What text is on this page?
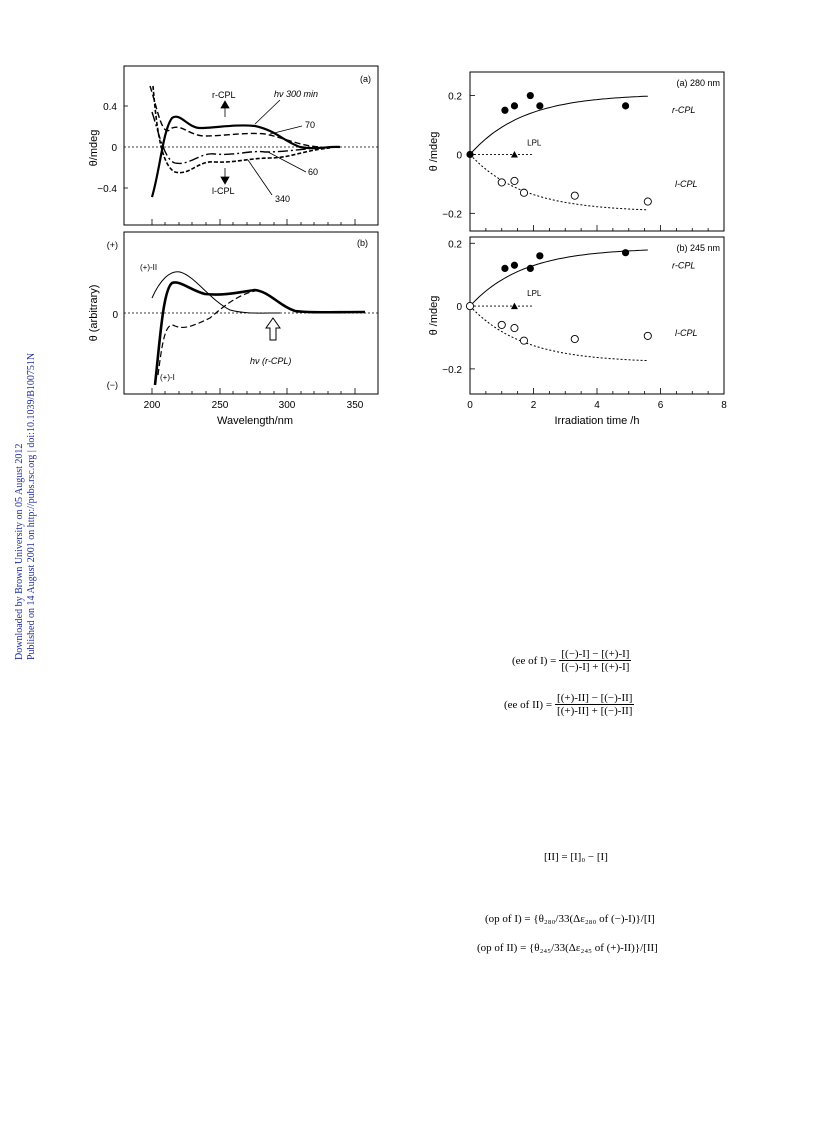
Downloaded by Brown University on 05 August 2012 Published on 14 August 2001 on http://pubs.rsc.org | doi:10.1039/B100751N
(a)
0.4
0
−0.4
θ/mdeg
r-CPL
l-CPL
hν 300 min
70
60
340
(b)
(+)
0
(−)
θ (arbitrary)
(+)-II
(+)-I
hν (r-CPL)
200	250	300	350
Wavelength/nm
(a) 280 nm
0.2
0
−0.2
θ /mdeg
r-CPL
l-CPL
LPL
(b) 245 nm
0.2
0
−0.2
0	2	4	6	8
Irradiation time /h
θ /mdeg
r-CPL
l-CPL
LPL
(ee of $I) = \frac{[(-)-I] - [(+)-I]}{[(-)-I] + [(+)-I]}$
(ee of $II) = \frac{[(+)-II] - [(-)-II]}{[(+)-II] + [(-)-II]}$
[II] = [I]₀ − [I]
(op of I) = {θ₂₈₀/33(Δε₂₈₀ of (−)-I)}/[I]
(op of II) = {θ₂₄₅/33(Δε₂₄₅ of (+)-II)}/[II]
